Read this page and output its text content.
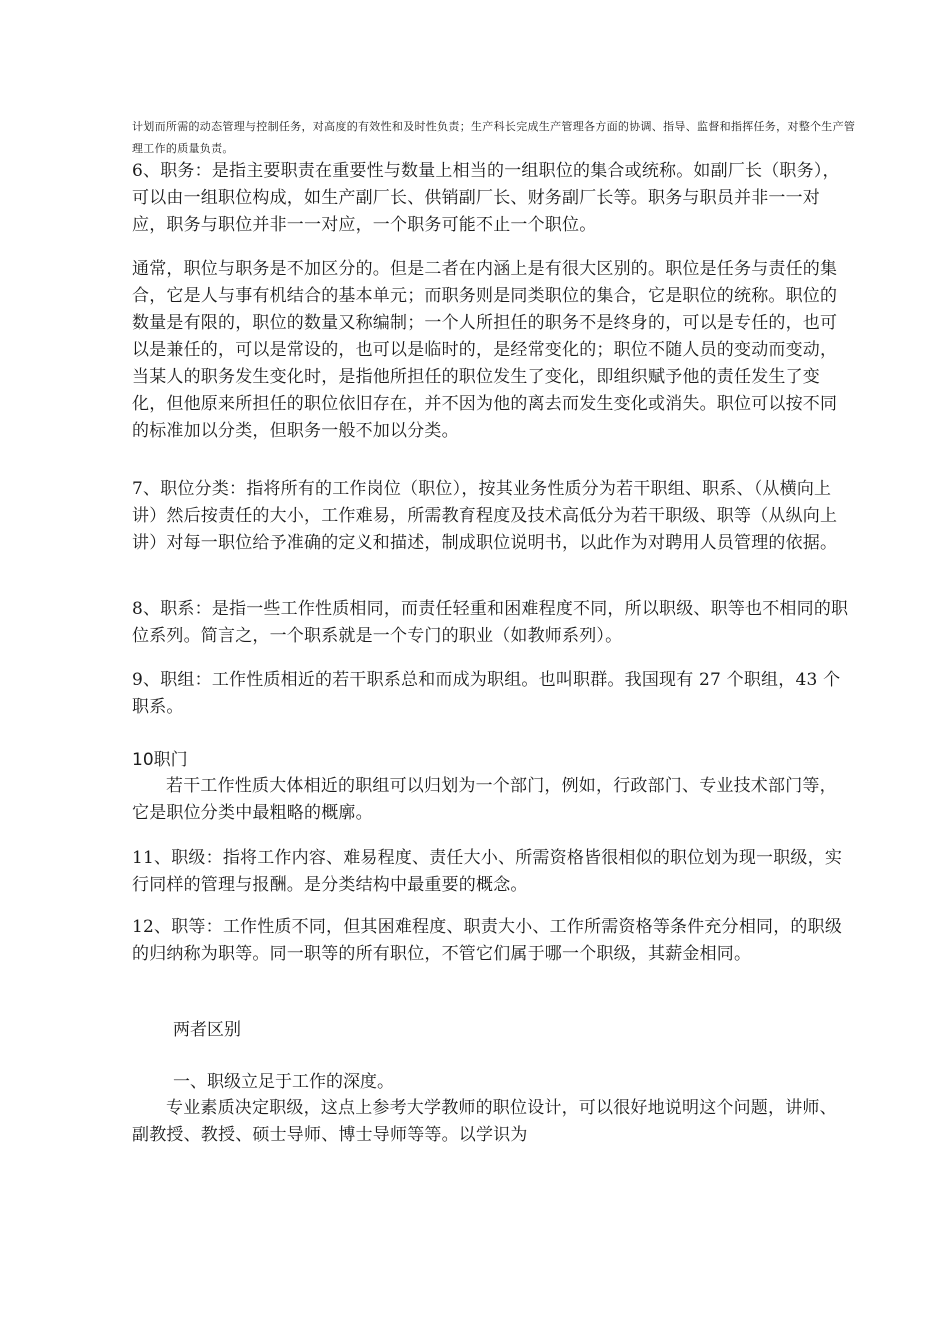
计划而所需的动态管理与控制任务，对高度的有效性和及时性负责；生产科长完成生产管理各方面的协调、指导、监督和指挥任务，对整个生产管理工作的质量负责。
6、职务：是指主要职责在重要性与数量上相当的一组职位的集合或统称。如副厂长（职务），可以由一组职位构成，如生产副厂长、供销副厂长、财务副厂长等。职务与职员并非一一对应，职务与职位并非一一对应，一个职务可能不止一个职位。
通常，职位与职务是不加区分的。但是二者在内涵上是有很大区别的。职位是任务与责任的集合，它是人与事有机结合的基本单元；而职务则是同类职位的集合，它是职位的统称。职位的数量是有限的，职位的数量又称编制；一个人所担任的职务不是终身的，可以是专任的，也可以是兼任的，可以是常设的，也可以是临时的，是经常变化的；职位不随人员的变动而变动，当某人的职务发生变化时，是指他所担任的职位发生了变化，即组织赋予他的责任发生了变化，但他原来所担任的职位依旧存在，并不因为他的离去而发生变化或消失。职位可以按不同的标准加以分类，但职务一般不加以分类。
7、职位分类：指将所有的工作岗位（职位），按其业务性质分为若干职组、职系、（从横向上讲）然后按责任的大小，工作难易，所需教育程度及技术高低分为若干职级、职等（从纵向上讲）对每一职位给予准确的定义和描述，制成职位说明书，以此作为对聘用人员管理的依据。
8、职系：是指一些工作性质相同，而责任轻重和困难程度不同，所以职级、职等也不相同的职位系列。简言之，一个职系就是一个专门的职业（如教师系列）。
9、职组：工作性质相近的若干职系总和而成为职组。也叫职群。我国现有 27 个职组，43 个职系。
10职门
若干工作性质大体相近的职组可以归划为一个部门，例如，行政部门、专业技术部门等，它是职位分类中最粗略的概廓。
11、职级：指将工作内容、难易程度、责任大小、所需资格皆很相似的职位划为现一职级，实行同样的管理与报酬。是分类结构中最重要的概念。
12、职等：工作性质不同，但其困难程度、职责大小、工作所需资格等条件充分相同，的职级的归纳称为职等。同一职等的所有职位，不管它们属于哪一个职级，其薪金相同。
两者区别
一、职级立足于工作的深度。
专业素质决定职级，这点上参考大学教师的职位设计，可以很好地说明这个问题，讲师、副教授、教授、硕士导师、博士导师等等。以学识为
